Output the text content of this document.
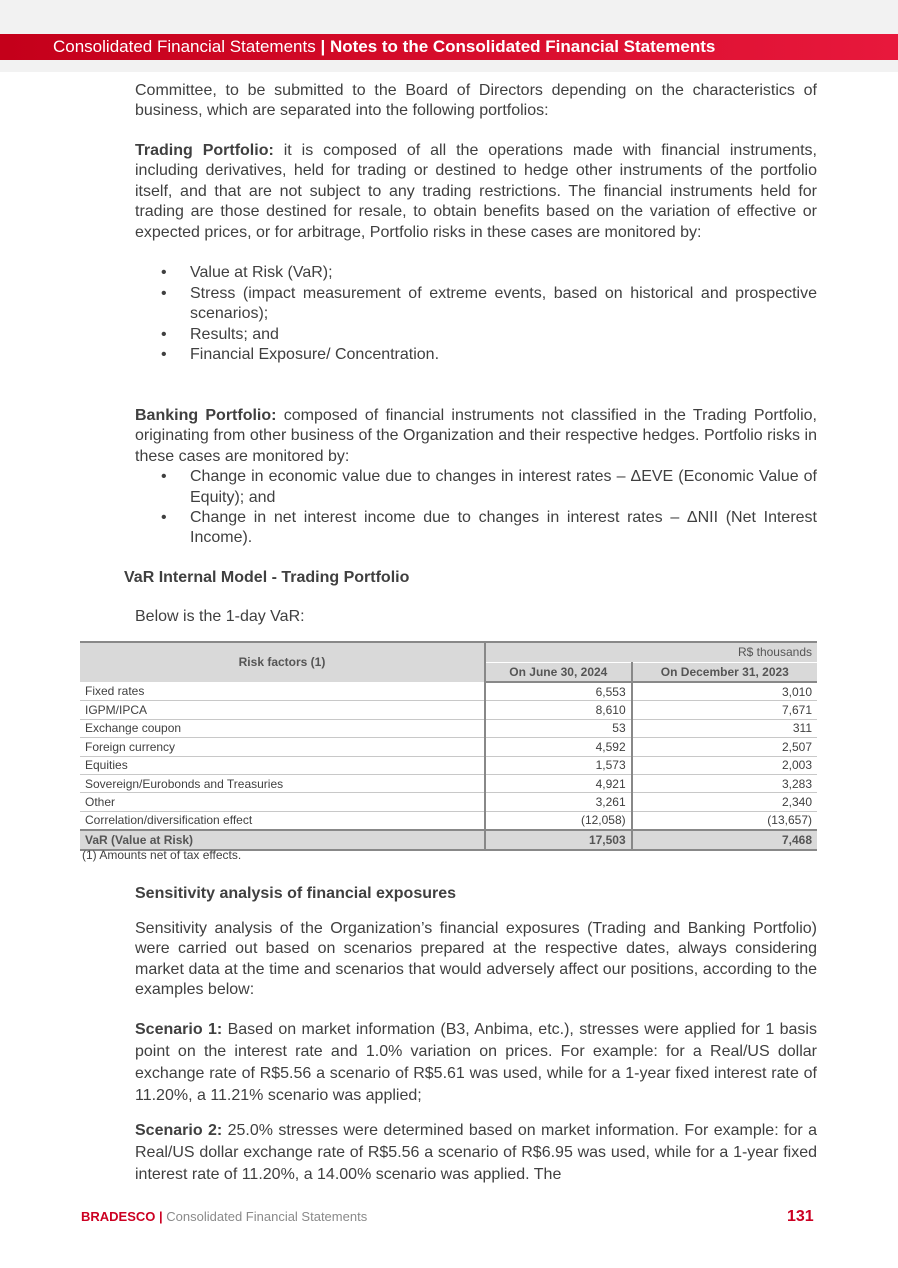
Consolidated Financial Statements | Notes to the Consolidated Financial Statements

Committee, to be submitted to the Board of Directors depending on the characteristics of business, which are separated into the following portfolios:

Trading Portfolio: it is composed of all the operations made with financial instruments, including derivatives, held for trading or destined to hedge other instruments of the portfolio itself, and that are not subject to any trading restrictions. The financial instruments held for trading are those destined for resale, to obtain benefits based on the variation of effective or expected prices, or for arbitrage, Portfolio risks in these cases are monitored by:

• Value at Risk (VaR);
• Stress (impact measurement of extreme events, based on historical and prospective scenarios);
• Results; and
• Financial Exposure/ Concentration.

Banking Portfolio: composed of financial instruments not classified in the Trading Portfolio, originating from other business of the Organization and their respective hedges. Portfolio risks in these cases are monitored by:

• Change in economic value due to changes in interest rates – ΔEVE (Economic Value of Equity); and
• Change in net interest income due to changes in interest rates – ΔNII (Net Interest Income).
VaR Internal Model - Trading Portfolio
Below is the 1-day VaR:
Risk factors (1)	R$ thousands	
	On June 30, 2024	On December 31, 2023
Fixed rates	6,553	3,010
IGPM/IPCA	8,610	7,671
Exchange coupon	53	311
Foreign currency	4,592	2,507
Equities	1,573	2,003
Sovereign/Eurobonds and Treasuries	4,921	3,283
Other	3,261	2,340
Correlation/diversification effect	(12,058)	(13,657)
VaR (Value at Risk)	17,503	7,468
(1) Amounts net of tax effects.
Sensitivity analysis of financial exposures
Sensitivity analysis of the Organization’s financial exposures (Trading and Banking Portfolio) were carried out based on scenarios prepared at the respective dates, always considering market data at the time and scenarios that would adversely affect our positions, according to the examples below:

Scenario 1: Based on market information (B3, Anbima, etc.), stresses were applied for 1 basis point on the interest rate and 1.0% variation on prices. For example: for a Real/US dollar exchange rate of R$5.56 a scenario of R$5.61 was used, while for a 1-year fixed interest rate of 11.20%, a 11.21% scenario was applied;

Scenario 2: 25.0% stresses were determined based on market information. For example: for a Real/US dollar exchange rate of R$5.56 a scenario of R$6.95 was used, while for a 1-year fixed interest rate of 11.20%, a 14.00% scenario was applied. The

BRADESCO | Consolidated Financial Statements	131
